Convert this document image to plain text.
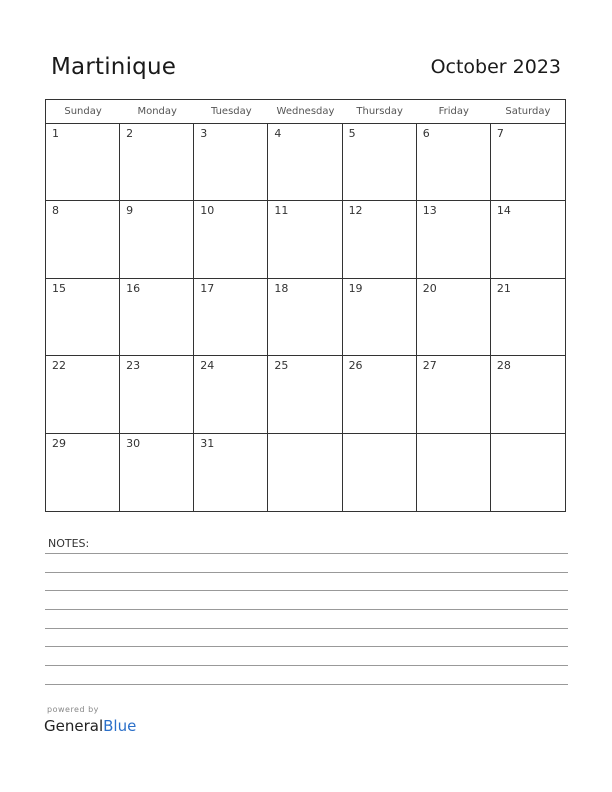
Martinique	October 2023
Sunday	Monday	Tuesday	Wednesday	Thursday	Friday	Saturday
1	2	3	4	5	6	7
8	9	10	11	12	13	14
15	16	17	18	19	20	21
22	23	24	25	26	27	28
29	30	31
NOTES:
powered by
GeneralBlue
